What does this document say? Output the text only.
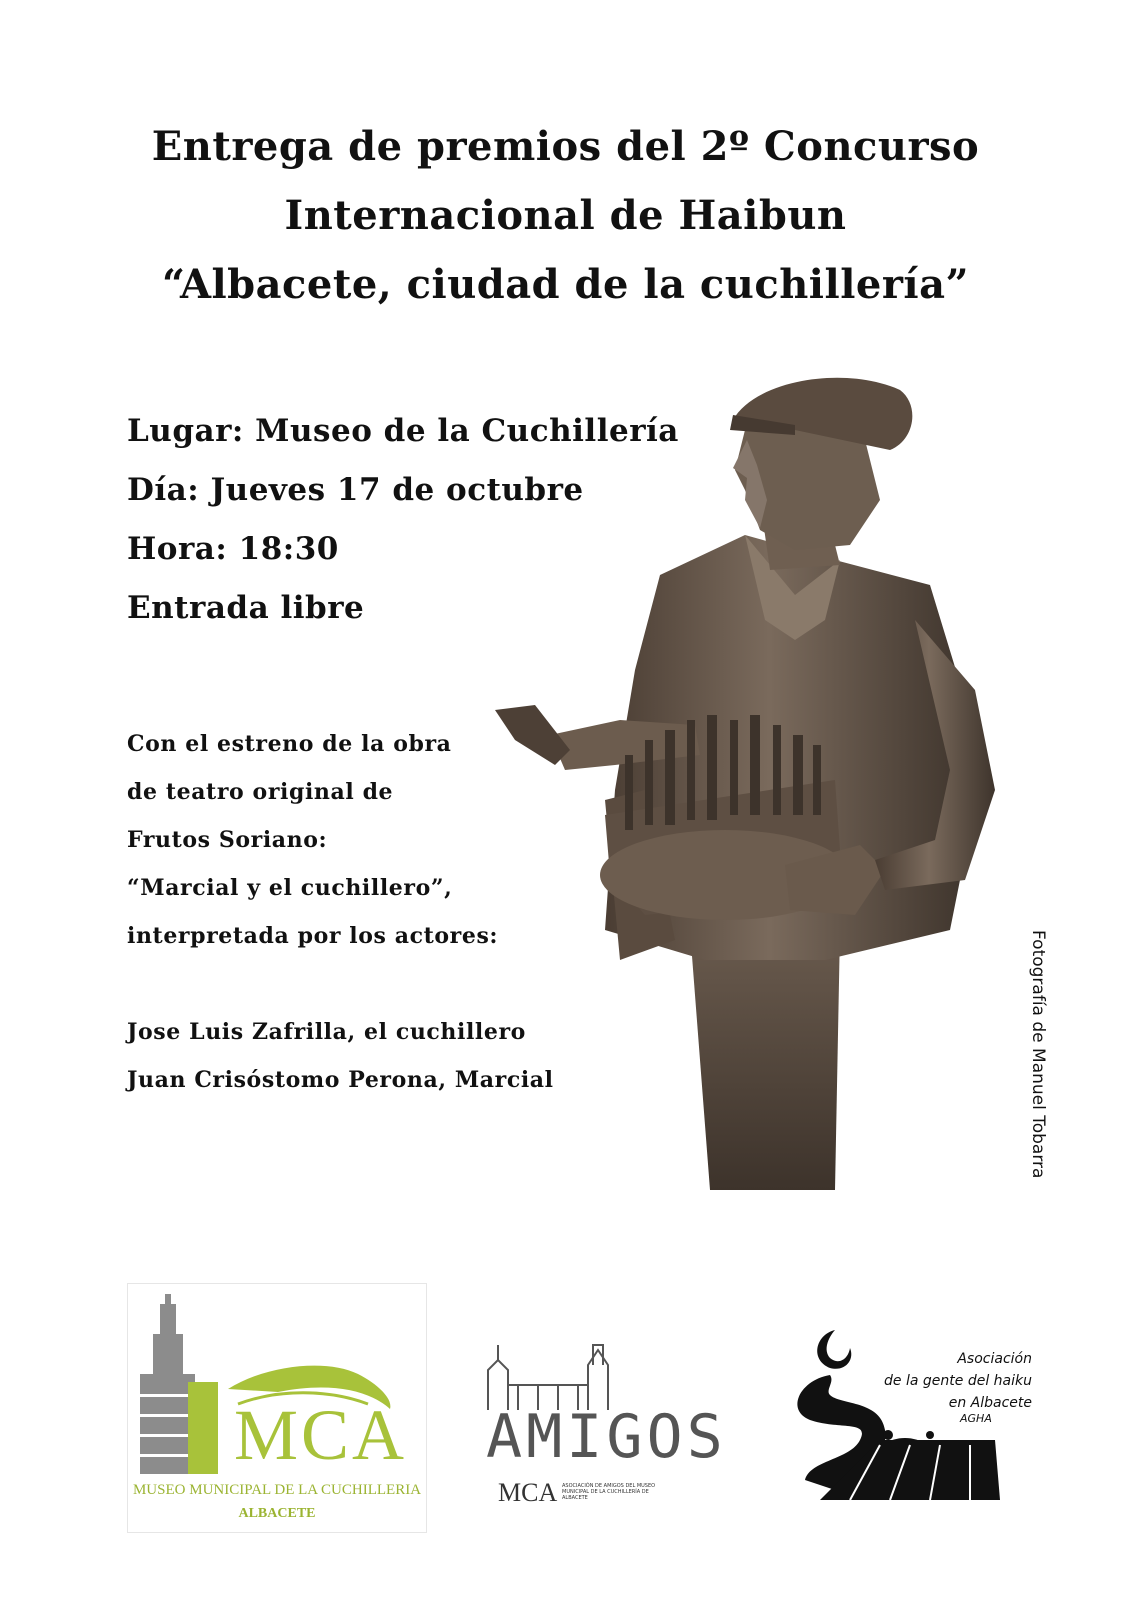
Entrega de premios del 2º Concurso
Internacional de Haibun
“Albacete, ciudad de la cuchillería”
Lugar: Museo de la Cuchillería
Día: Jueves 17 de octubre
Hora: 18:30
Entrada libre
Con el estreno de la obra
de teatro original de
Frutos Soriano:
“Marcial y el cuchillero”,
interpretada por los actores:
Jose Luis Zafrilla, el cuchillero
Juan Crisóstomo Perona, Marcial	Fotografía de Manuel Tobarra
MCA
MUSEO MUNICIPAL DE LA CUCHILLERIA
ALBACETE
AMIGOS
MCA ASOCIACIÓN DE AMIGOS DEL MUSEO MUNICIPAL DE LA CUCHILLERÍA DE ALBACETE
Asociación
de la gente del haiku
en Albacete
AGHA
